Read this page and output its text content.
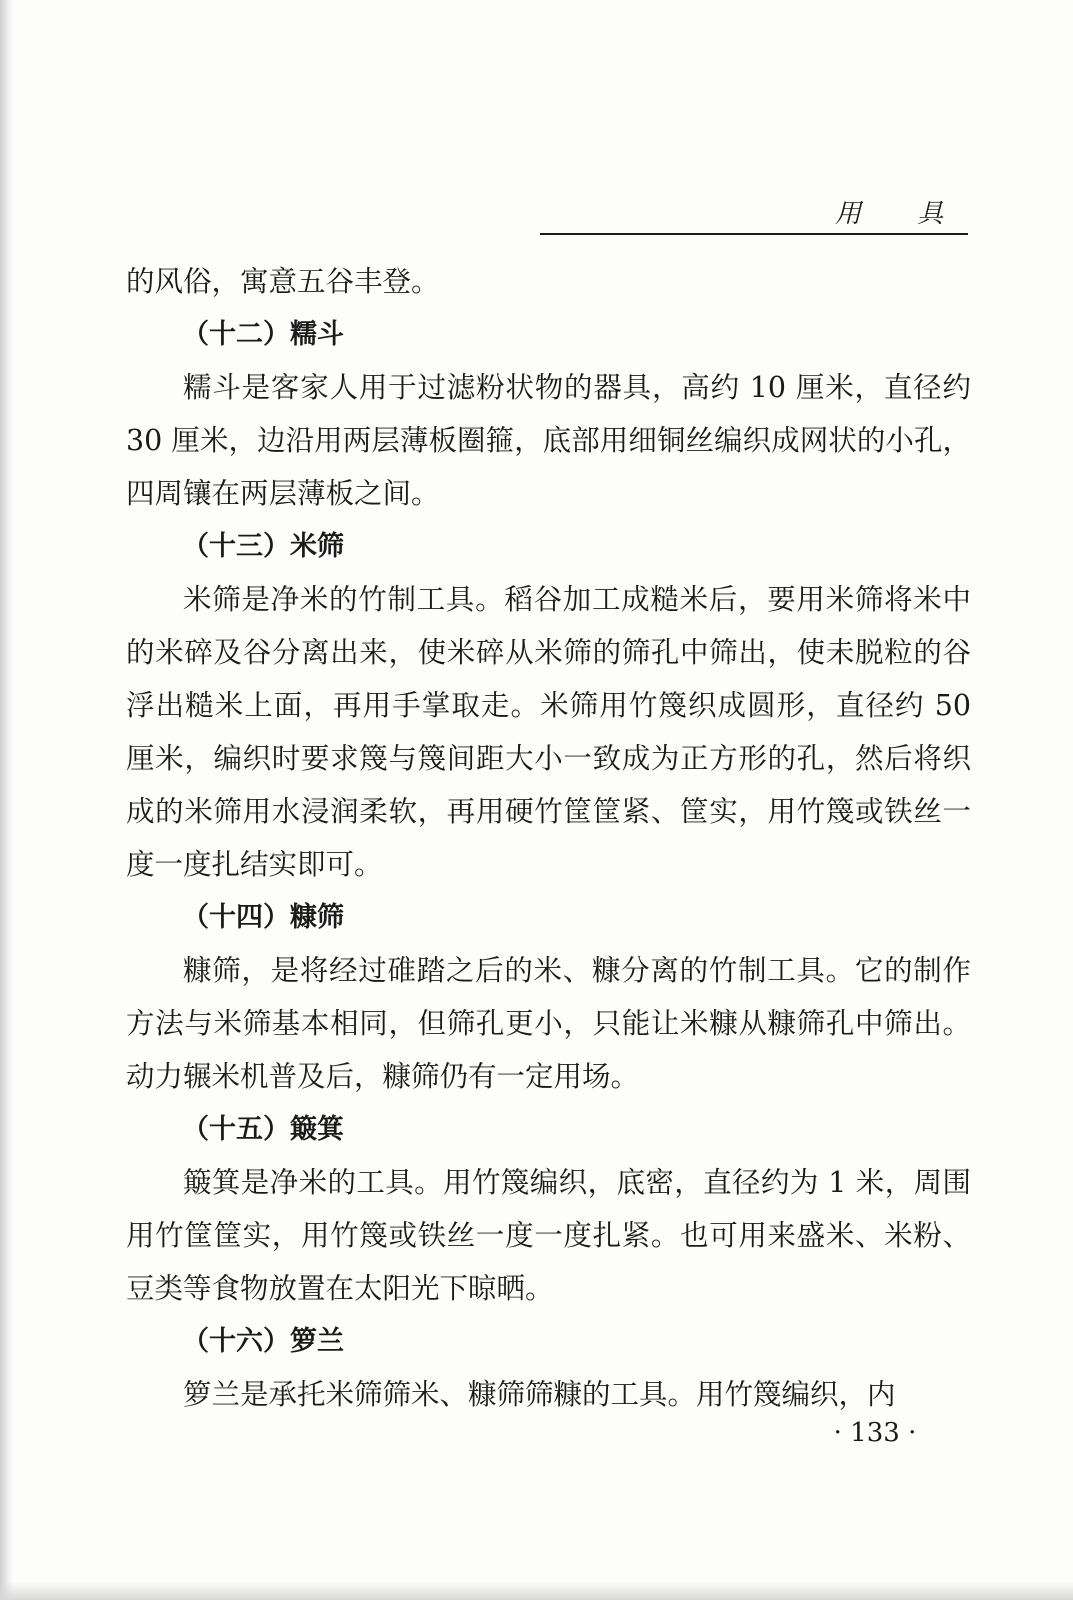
用 具

的风俗，寓意五谷丰登。

（十二）糯斗

糯斗是客家人用于过滤粉状物的器具，高约 10 厘米，直径约 30 厘米，边沿用两层薄板圈箍，底部用细铜丝编织成网状的小孔，四周镶在两层薄板之间。

（十三）米筛

米筛是净米的竹制工具。稻谷加工成糙米后，要用米筛将米中的米碎及谷分离出来，使米碎从米筛的筛孔中筛出，使未脱粒的谷浮出糙米上面，再用手掌取走。米筛用竹篾织成圆形，直径约 50 厘米，编织时要求篾与篾间距大小一致成为正方形的孔，然后将织成的米筛用水浸润柔软，再用硬竹筐筐紧、筐实，用竹篾或铁丝一度一度扎结实即可。

（十四）糠筛

糠筛，是将经过碓踏之后的米、糠分离的竹制工具。它的制作方法与米筛基本相同，但筛孔更小，只能让米糠从糠筛孔中筛出。动力辗米机普及后，糠筛仍有一定用场。

（十五）簸箕

簸箕是净米的工具。用竹篾编织，底密，直径约为 1 米，周围用竹筐筐实，用竹篾或铁丝一度一度扎紧。也可用来盛米、米粉、豆类等食物放置在太阳光下晾晒。

（十六）箩兰

箩兰是承托米筛筛米、糠筛筛糠的工具。用竹篾编织，内

· 133 ·
